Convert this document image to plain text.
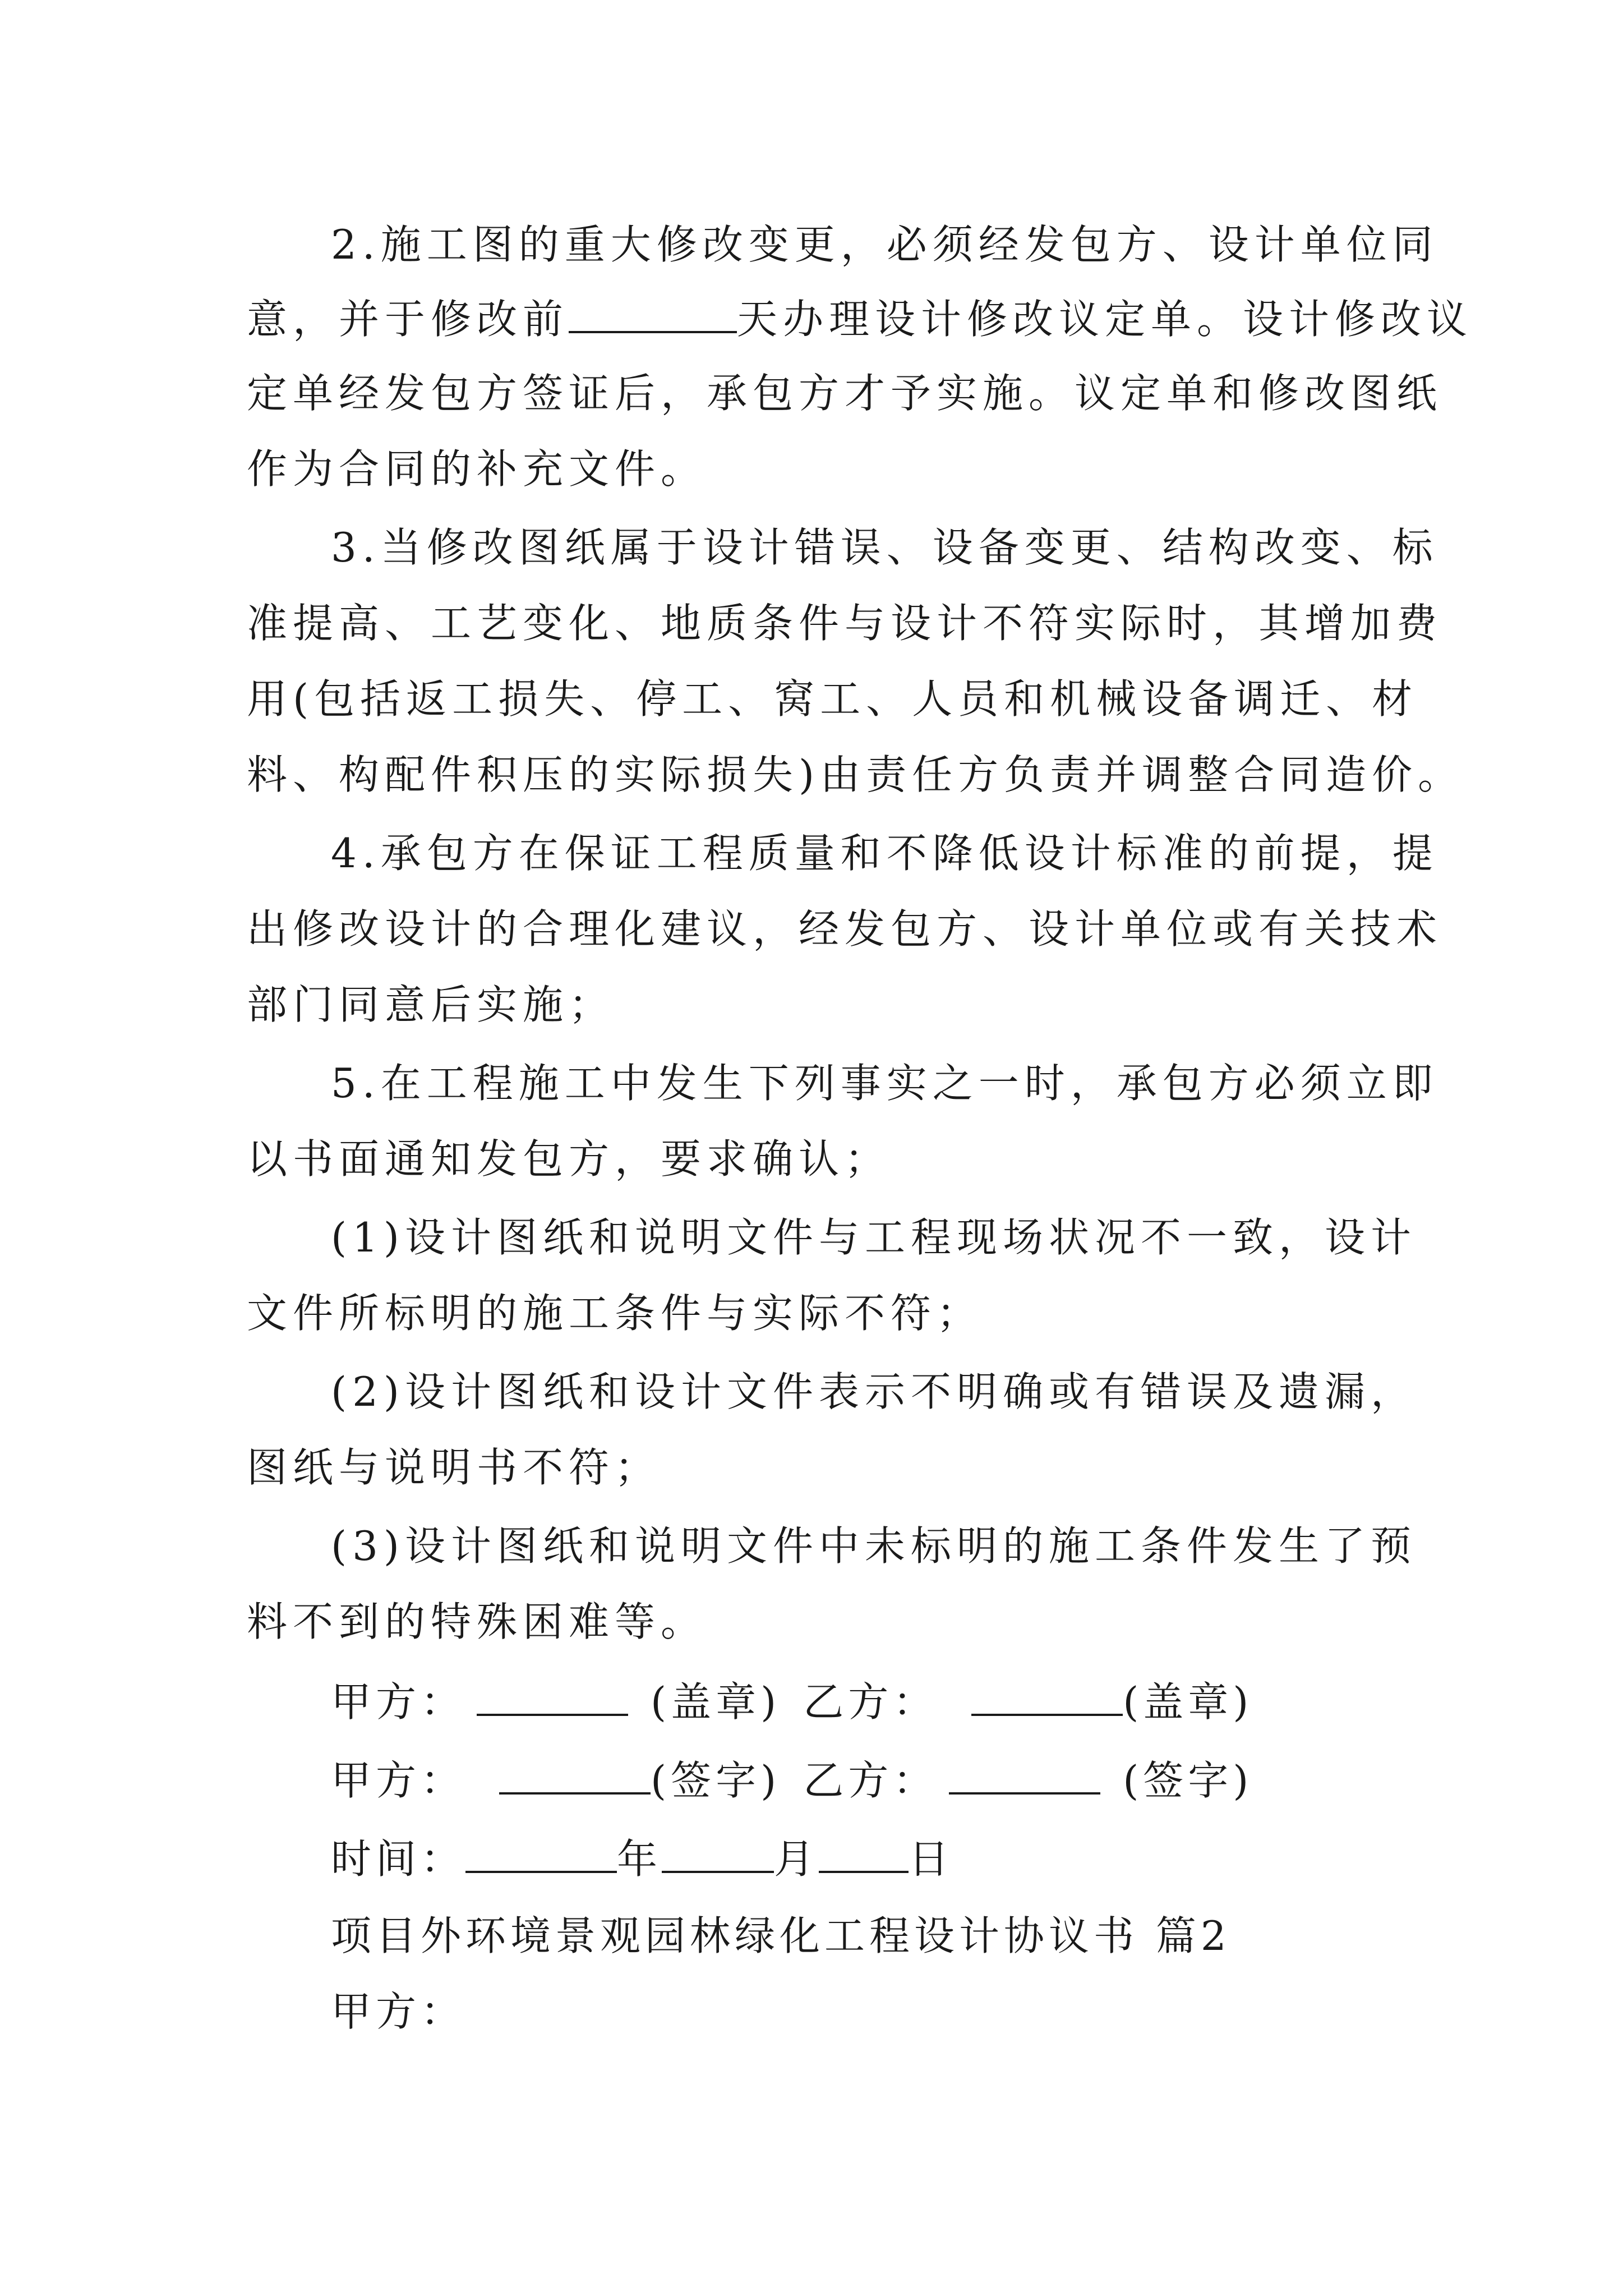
2.施工图的重大修改变更，必须经发包方、设计单位同
意，并于修改前	天办理设计修改议定单。设计修改议
定单经发包方签证后，承包方才予实施。议定单和修改图纸
作为合同的补充文件。
3.当修改图纸属于设计错误、设备变更、结构改变、标
准提高、工艺变化、地质条件与设计不符实际时，其增加费
用(包括返工损失、停工、窝工、人员和机械设备调迁、材
料、构配件积压的实际损失)由责任方负责并调整合同造价。
4.承包方在保证工程质量和不降低设计标准的前提，提
出修改设计的合理化建议，经发包方、设计单位或有关技术
部门同意后实施；
5.在工程施工中发生下列事实之一时，承包方必须立即
以书面通知发包方，要求确认；
(1)设计图纸和说明文件与工程现场状况不一致，设计
文件所标明的施工条件与实际不符；
(2)设计图纸和设计文件表示不明确或有错误及遗漏，
图纸与说明书不符；
(3)设计图纸和说明文件中未标明的施工条件发生了预
料不到的特殊困难等。
甲方：	(盖章) 乙方：	(盖章)
甲方：	(签字) 乙方：	(签字)
时间：	年	月 日
项目外环境景观园林绿化工程设计协议书 篇2
甲方：
